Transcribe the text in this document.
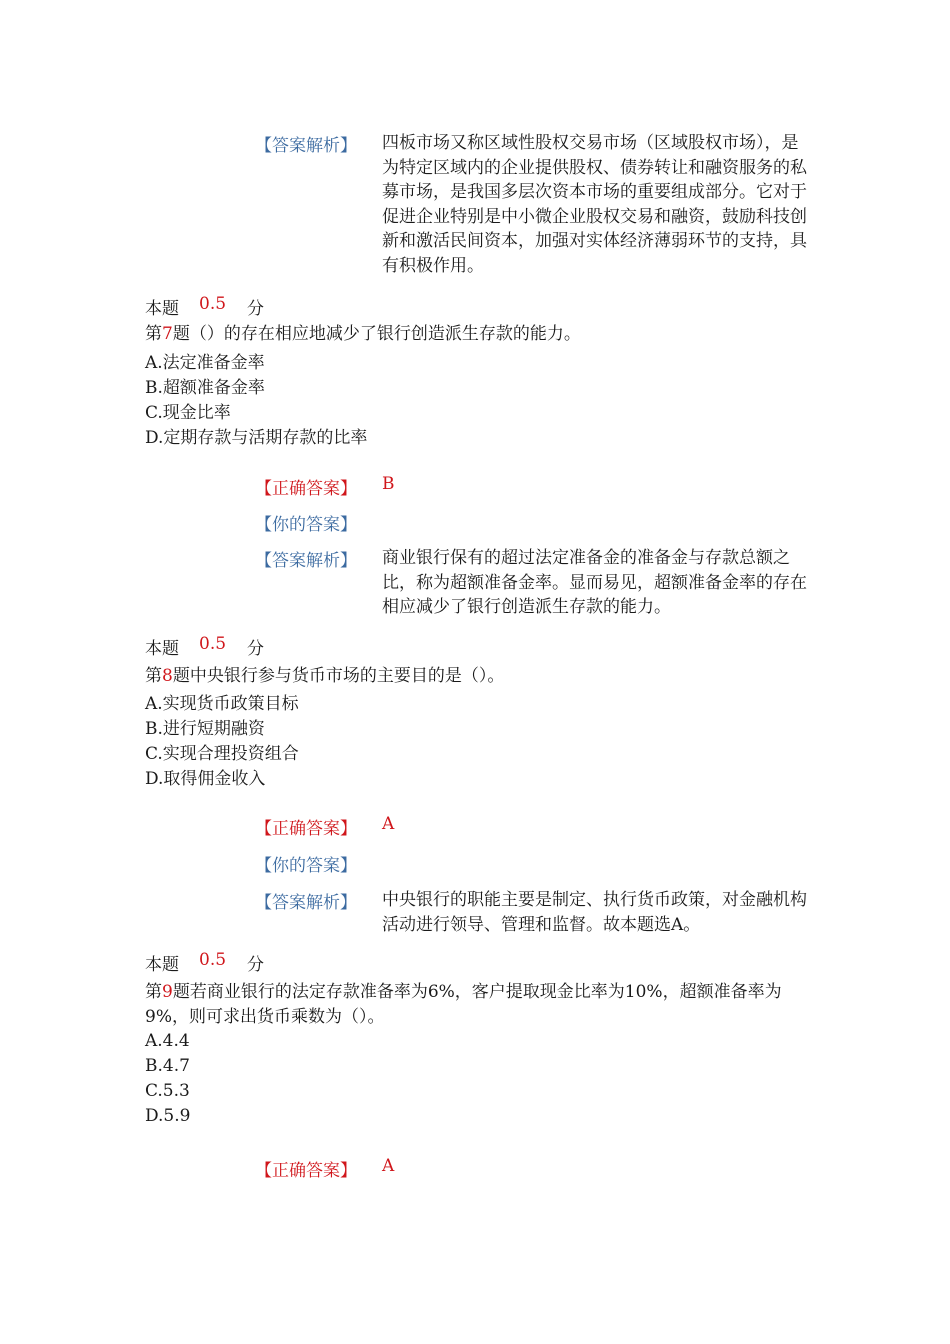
【答案解析】 四板市场又称区域性股权交易市场（区域股权市场），是为特定区域内的企业提供股权、债券转让和融资服务的私募市场，是我国多层次资本市场的重要组成部分。它对于促进企业特别是中小微企业股权交易和融资，鼓励科技创新和激活民间资本，加强对实体经济薄弱环节的支持，具有积极作用。
本题 0.5 分
第7题（）的存在相应地减少了银行创造派生存款的能力。
A.法定准备金率
B.超额准备金率
C.现金比率
D.定期存款与活期存款的比率
【正确答案】 B
【你的答案】
【答案解析】 商业银行保有的超过法定准备金的准备金与存款总额之比，称为超额准备金率。显而易见，超额准备金率的存在相应减少了银行创造派生存款的能力。
本题 0.5 分
第8题中央银行参与货币市场的主要目的是（）。
A.实现货币政策目标
B.进行短期融资
C.实现合理投资组合
D.取得佣金收入
【正确答案】 A
【你的答案】
【答案解析】 中央银行的职能主要是制定、执行货币政策，对金融机构活动进行领导、管理和监督。故本题选A。
本题 0.5 分
第9题若商业银行的法定存款准备率为6%，客户提取现金比率为10%，超额准备率为9%，则可求出货币乘数为（）。
A.4.4
B.4.7
C.5.3
D.5.9
【正确答案】 A
